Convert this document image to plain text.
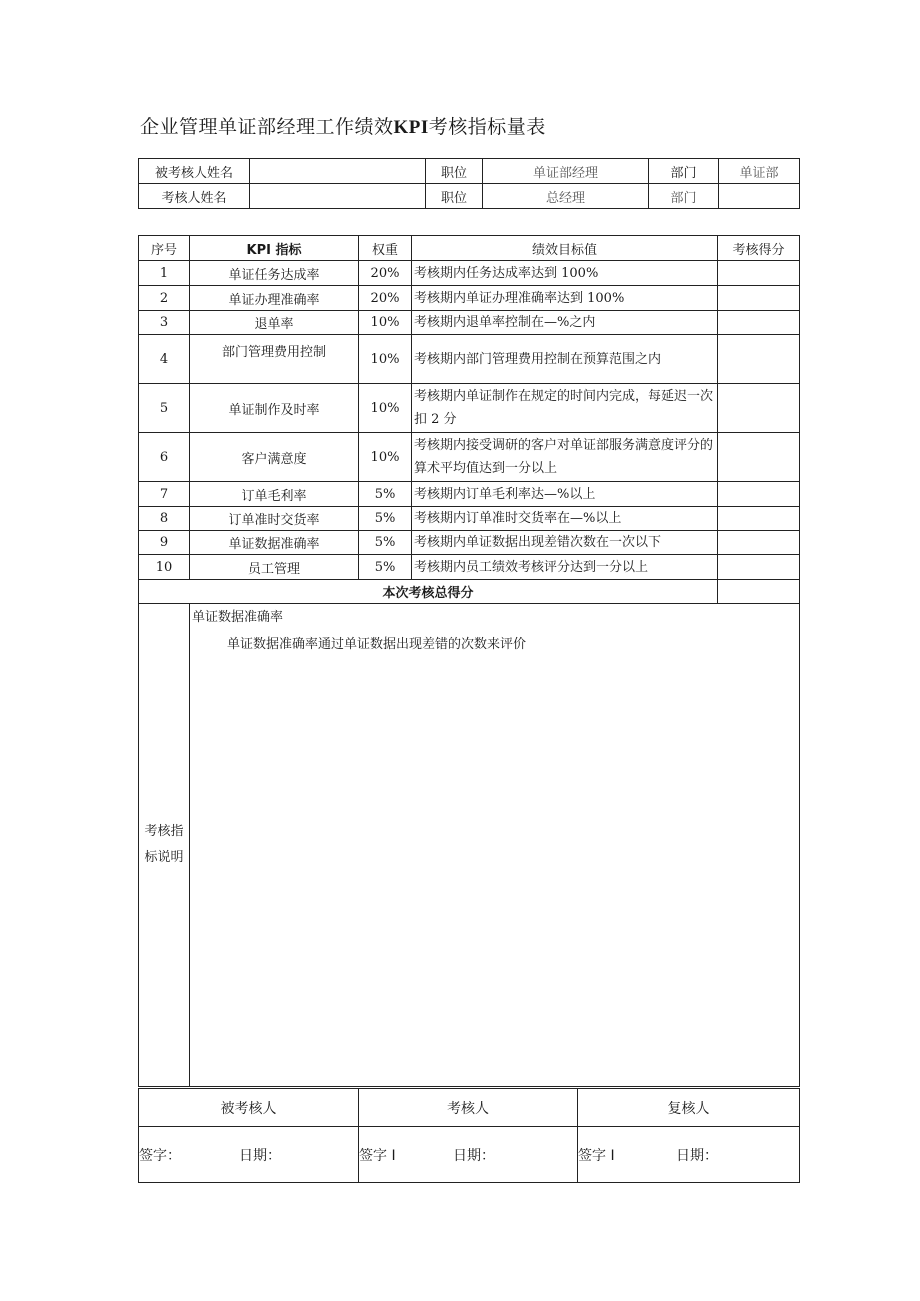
企业管理单证部经理工作绩效KPI考核指标量表
被考核人姓名		职位	单证部经理	部门	单证部
考核人姓名		职位	总经理	部门	
序号	KPI 指标	权重	绩效目标值	考核得分
1	单证任务达成率	20%	考核期内任务达成率达到 100%	
2	单证办理准确率	20%	考核期内单证办理准确率达到 100%	
3	退单率	10%	考核期内退单率控制在—%之内	
4	部门管理费用控制	10%	考核期内部门管理费用控制在预算范围之内	
5	单证制作及时率	10%	考核期内单证制作在规定的时间内完成，每延迟一次扣 2 分	
6	客户满意度	10%	考核期内接受调研的客户对单证部服务满意度评分的算术平均值达到一分以上	
7	订单毛利率	5%	考核期内订单毛利率达—%以上	
8	订单准时交货率	5%	考核期内订单准时交货率在—%以上	
9	单证数据准确率	5%	考核期内单证数据出现差错次数在一次以下	
10	员工管理	5%	考核期内员工绩效考核评分达到一分以上	
本次考核总得分				
考核指标说明	单证数据准确率
单证数据准确率通过单证数据出现差错的次数来评价			
被考核人	考核人	复核人

签字： 日期：	签字 I 日期：	签字 I 日期：
